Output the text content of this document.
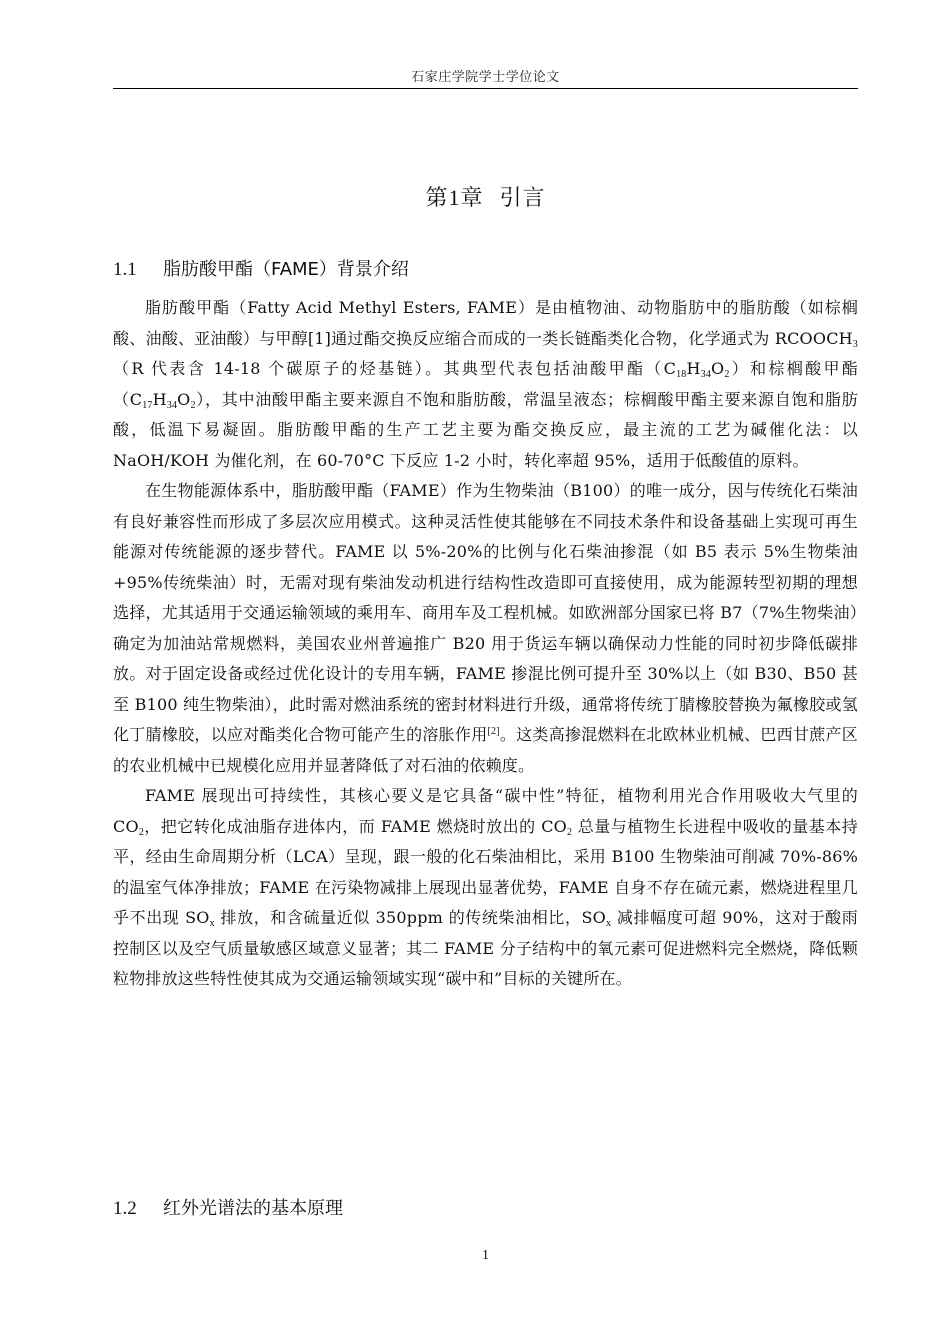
石家庄学院学士学位论文
第1章 引言
1.1 脂肪酸甲酯（FAME）背景介绍

脂肪酸甲酯（Fatty Acid Methyl Esters, FAME）是由植物油、动物脂肪中的脂肪酸（如棕榈酸、油酸、亚油酸）与甲醇[1]通过酯交换反应缩合而成的一类长链酯类化合物，化学通式为 $RCOOCH_3(R$ 代表含 14-18 个碳原子的烃基链）。其典型代表包括油酸甲酯$(C_{18}H_{34}O_2)$和棕榈酸甲酯$(C_{17}H_{34}O_2)$，其中油酸甲酯主要来源自不饱和脂肪酸，常温呈液态；棕榈酸甲酯主要来源自饱和脂肪酸，低温下易凝固。脂肪酸甲酯的生产工艺主要为酯交换反应，最主流的工艺为碱催化法：以 NaOH/KOH 为催化剂，在 60-70°C 下反应 1-2 小时，转化率超 95%，适用于低酸值的原料。

在生物能源体系中，脂肪酸甲酯（FAME）作为生物柴油（B100）的唯一成分，因与传统化石柴油有良好兼容性而形成了多层次应用模式。这种灵活性使其能够在不同技术条件和设备基础上实现可再生能源对传统能源的逐步替代。FAME 以 5%-20%的比例与化石柴油掺混（如 B5 表示 5%生物柴油+95%传统柴油）时，无需对现有柴油发动机进行结构性改造即可直接使用，成为能源转型初期的理想选择，尤其适用于交通运输领域的乘用车、商用车及工程机械。如欧洲部分国家已将 B7（7%生物柴油）确定为加油站常规燃料，美国农业州普遍推广 B20 用于货运车辆以确保动力性能的同时初步降低碳排放。对于固定设备或经过优化设计的专用车辆，FAME 掺混比例可提升至 30%以上（如 B30、B50 甚至 B100 纯生物柴油），此时需对燃油系统的密封材料进行升级，通常将传统丁腈橡胶替换为氟橡胶或氢化丁腈橡胶，以应对酯类化合物可能产生的溶胀作用[2]。这类高掺混燃料在北欧林业机械、巴西甘蔗产区的农业机械中已规模化应用并显著降低了对石油的依赖度。

FAME 展现出可持续性，其核心要义是它具备“碳中性”特征，植物利用光合作用吸收大气里的 $CO_2$，把它转化成油脂存进体内，而 FAME 燃烧时放出的 $CO_2$ 总量与植物生长进程中吸收的量基本持平，经由生命周期分析（LCA）呈现，跟一般的化石柴油相比，采用 B100 生物柴油可削减 70%-86%的温室气体净排放；FAME 在污染物减排上展现出显著优势，FAME 自身不存在硫元素，燃烧进程里几乎不出现 $SO_x$ 排放，和含硫量近似 350ppm 的传统柴油相比，$SO_x$ 减排幅度可超 90%，这对于酸雨控制区以及空气质量敏感区域意义显著；其二 FAME 分子结构中的氧元素可促进燃料完全燃烧，降低颗粒物排放这些特性使其成为交通运输领域实现“碳中和”目标的关键所在。

1.2 红外光谱法的基本原理
1
